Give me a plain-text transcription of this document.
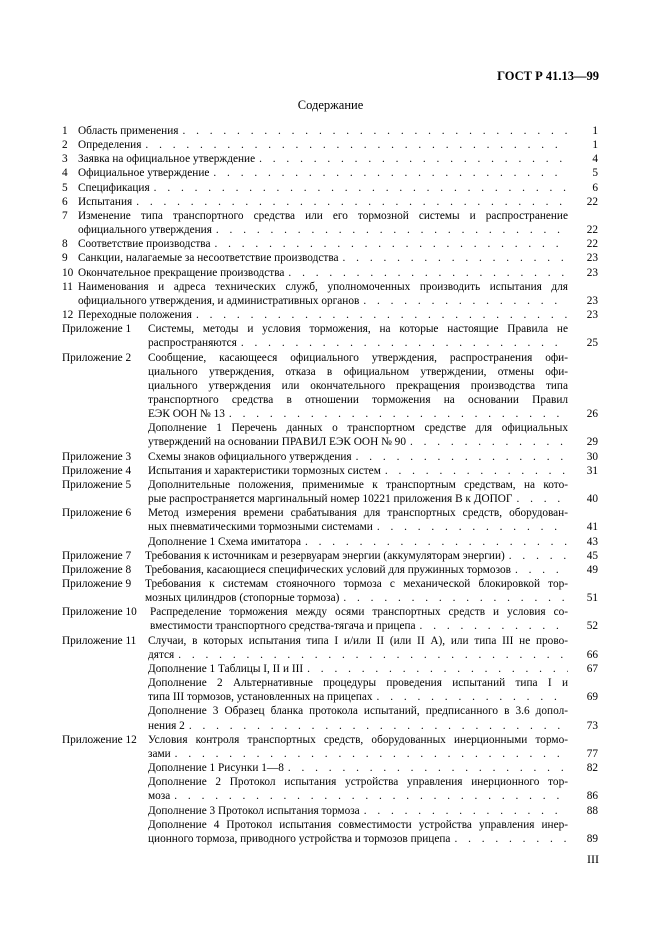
ГОСТ Р 41.13—99
Содержание
1 Область применения . . .	1
2 Определения . . .	1
3 Заявка на официальное утверждение . . .	4
4 Официальное утверждение . . .	5
5 Спецификация . . .	6
6 Испытания . . .	22
7 Изменение типа транспортного средства или его тормозной системы и распространение
официального утверждения . . .	22
8 Соответствие производства . . .	22
9 Санкции, налагаемые за несоответствие производства . . .	23
10 Окончательное прекращение производства . . .	23
11 Наименования и адреса технических служб, уполномоченных производить испытания для
официального утверждения, и административных органов . . .	23
12 Переходные положения . . .	23
Приложение 1 Системы, методы и условия торможения, на которые настоящие Правила не
распространяются . . .	25
Приложение 2 Сообщение, касающееся официального утверждения, распространения офи-
циального утверждения, отказа в официальном утверждении, отмены офи-
циального утверждения или окончательного прекращения производства типа
транспортного средства в отношении торможения на основании Правил
ЕЭК ООН № 13 . . .	26
Дополнение 1 Перечень данных о транспортном средстве для официальных
утверждений на основании ПРАВИЛ ЕЭК ООН № 90 . . .	29
Приложение 3 Схемы знаков официального утверждения . . .	30
Приложение 4 Испытания и характеристики тормозных систем . . .	31
Приложение 5 Дополнительные положения, применимые к транспортным средствам, на кото-
рые распространяется маргинальный номер 10221 приложения В к ДОПОГ . . .	40
Приложение 6 Метод измерения времени срабатывания для транспортных средств, оборудован-
ных пневматическими тормозными системами . . .	41
Дополнение 1 Схема имитатора . . .	43
Приложение 7 Требования к источникам и резервуарам энергии (аккумуляторам энергии) . . .	45
Приложение 8 Требования, касающиеся специфических условий для пружинных тормозов . . .	49
Приложение 9 Требования к системам стояночного тормоза с механической блокировкой тор-
мозных цилиндров (стопорные тормоза) . . .	51
Приложение 10 Распределение торможения между осями транспортных средств и условия со-
вместимости транспортного средства-тягача и прицепа . . .	52
Приложение 11 Случаи, в которых испытания типа I и/или II (или II А), или типа III не прово-
дятся . . .	66
Дополнение 1 Таблицы I, II и III . . .	67
Дополнение 2 Альтернативные процедуры проведения испытаний типа I и
типа III тормозов, установленных на прицепах . . .	69
Дополнение 3 Образец бланка протокола испытаний, предписанного в 3.6 допол-
нения 2 . . .	73
Приложение 12 Условия контроля транспортных средств, оборудованных инерционными тормо-
зами . . .	77
Дополнение 1 Рисунки 1—8 . . .	82
Дополнение 2 Протокол испытания устройства управления инерционного тор-
моза . . .	86
Дополнение 3 Протокол испытания тормоза . . .	88
Дополнение 4 Протокол испытания совместимости устройства управления инер-
ционного тормоза, приводного устройства и тормозов прицепа . . .	89
III
